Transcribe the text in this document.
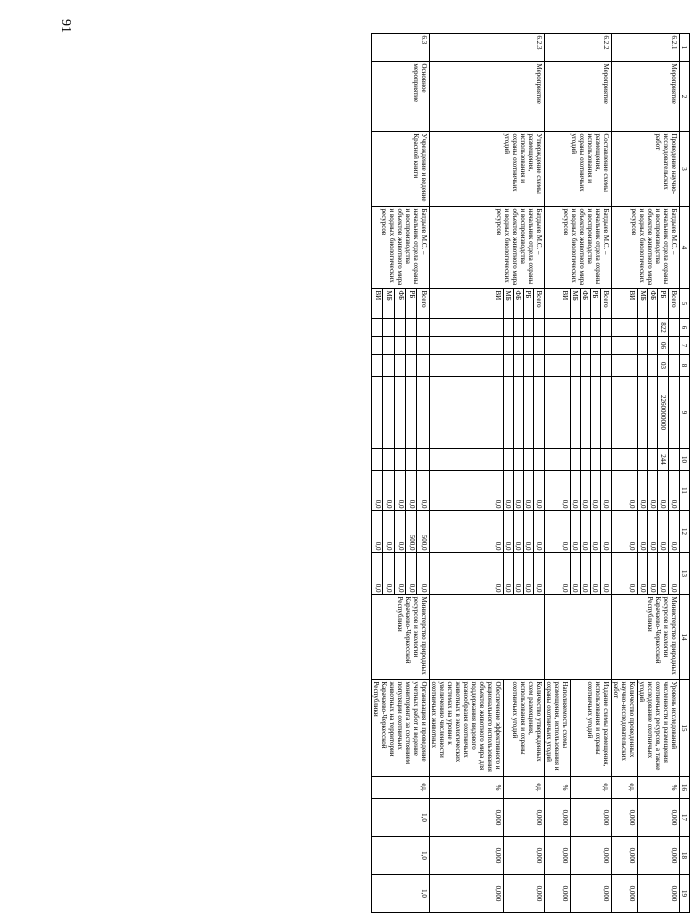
91
1	2	3	4	5	6	7	8	9	10	11	12	13	14	15	16	17	18	19
6.2.1	Мероприятие	Проведение научно-исследовательских работ	Батдыев М.С. – начальник отдела охраны и воспроизводства объектов животного мира и водных биологических ресурсов	Всего						0,0	0,0	0,0	Министерство природных ресурсов и экологии Карачаево-Черкесской Республики	Уровень исследований численности и размещения охотничьих ресурсов, а также исследование охотничьих угодий	%	0,000	0,000	0,000
				РБ	822	06	03	2260000000	244	0,0	0,0	0,0						
				ФБ						0,0	0,0	0,0						
				МБ						0,0	0,0	0,0						
				ВИ						0,0	0,0	0,0		Количество проведенных научно-исследовательских работ	ед.	0,000	0,000	0,000
6.2.2	Мероприятие	Составление схемы размещения, использования и охраны охотничьих угодий	Батдыев М.С. – начальник отдела охраны и воспроизводства объектов животного мира и водных биологических ресурсов	Всего						0,0	0,0	0,0		Издание схемы размещения, использования и охраны охотничьих угодий	ед.	0,000	0,000	0,000
				РБ						0,0	0,0	0,0						
				ФБ						0,0	0,0	0,0						
				МБ						0,0	0,0	0,0						
				ВИ						0,0	0,0	0,0		Наполняемость схемы размещения, использования и охраны охотничьих угодий	%	0,000	0,000	0,000
6.2.3	Мероприятие	Утверждение схемы размещения, использования и охраны охотничьих угодий	Батдыев М.С. – начальник отдела охраны и воспроизводства объектов животного мира и водных биологических ресурсов	Всего						0,0	0,0	0,0		Количество утвержденных схем размещения, использования и охраны охотничьих угодий	ед.	0,000	0,000	0,000
				РБ						0,0	0,0	0,0						
				ФБ						0,0	0,0	0,0						
				МБ						0,0	0,0	0,0						
				ВИ						0,0	0,0	0,0		Обеспечение эффективного и рационального использования объектов животного мира для поддержания видового разнообразия охотничьих животных в экологических системах на уровне к увеличению численности охотничьих животных	%	0,000	0,000	0,000
6.3	Основное мероприятие	Учреждение и ведение Красной книги	Батдыев М.С. – начальник отдела охраны и воспроизводства объектов животного мира и водных биологических ресурсов	Всего						0,0	500,0	0,0	Министерство природных ресурсов и экологии Карачаево-Черкесской Республики	Организация и проведение учетных работ и ведение мониторинга за состоянием популяции охотничьих животных на территории Карачаево-Черкесской Республики	ед.	1,0	1,0	1,0
				РБ						0,0	500,0	0,0						
				ФБ						0,0	0,0	0,0						
				МБ						0,0	0,0	0,0						
				ВИ						0,0	0,0	0,0						
